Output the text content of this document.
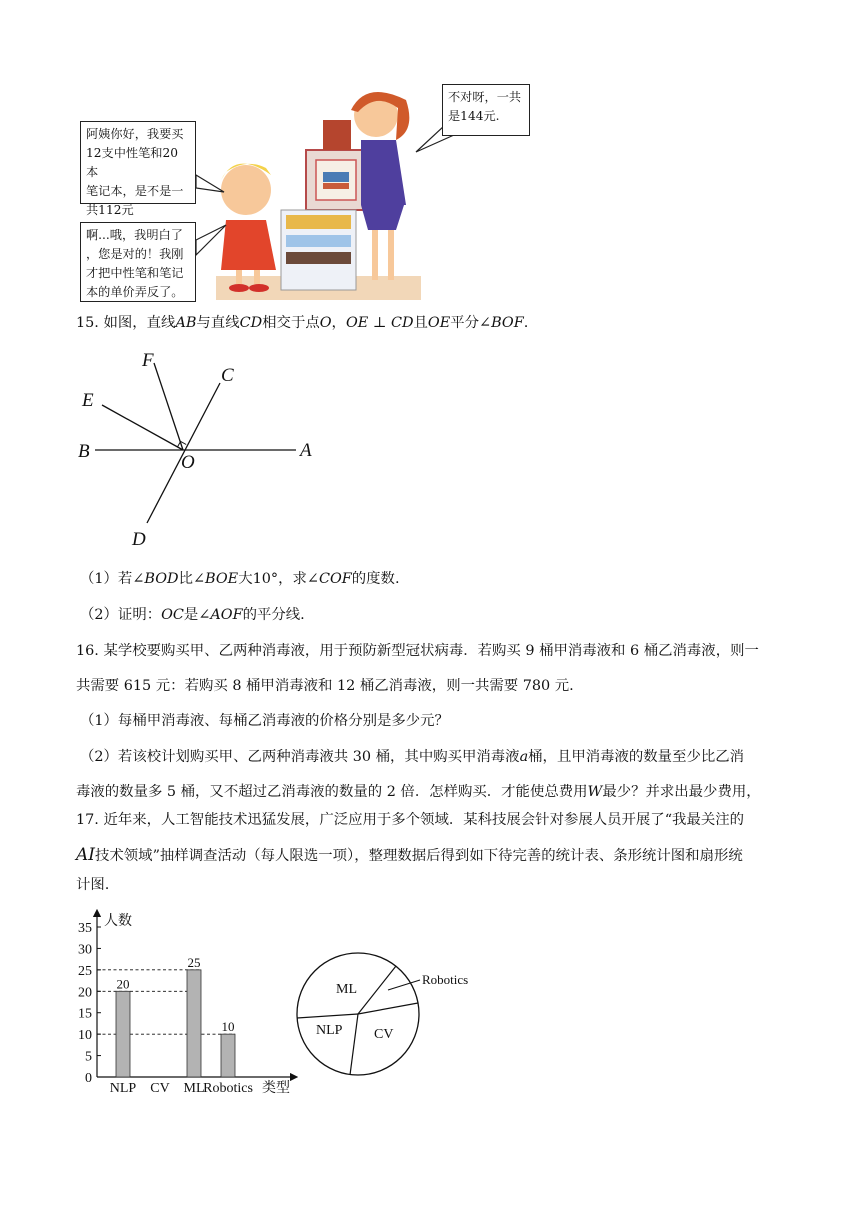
阿姨你好，我要买
12支中性笔和20本
笔记本，是不是一
共112元
啊...哦，我明白了
，您是对的！我刚
才把中性笔和笔记
本的单价弄反了。
不对呀，一共
是144元.
15. 如图，直线AB与直线CD相交于点O，OE ⊥ CD且OE平分∠BOF.
F
C
E
B
O
A
D
（1）若∠BOD比∠BOE大10°，求∠COF的度数.
（2）证明：OC是∠AOF的平分线.
16. 某学校要购买甲、乙两种消毒液，用于预防新型冠状病毒．若购买 9 桶甲消毒液和 6 桶乙消毒液，则一
共需要 615 元：若购买 8 桶甲消毒液和 12 桶乙消毒液，则一共需要 780 元.
（1）每桶甲消毒液、每桶乙消毒液的价格分别是多少元？
（2）若该校计划购买甲、乙两种消毒液共 30 桶，其中购买甲消毒液a桶，且甲消毒液的数量至少比乙消
毒液的数量多 5 桶，又不超过乙消毒液的数量的 2 倍．怎样购买．才能使总费用W最少？并求出最少费用，
17. 近年来，人工智能技术迅猛发展，广泛应用于多个领域．某科技展会针对参展人员开展了“我最关注的
AI技术领域”抽样调查活动（每人限选一项），整理数据后得到如下待完善的统计表、条形统计图和扇形统
计图.
人数
类型
0
5
10
15
20
25
30
35
20
25
10
NLP CV ML
Robotics
ML
Robotics
CV
NLP
